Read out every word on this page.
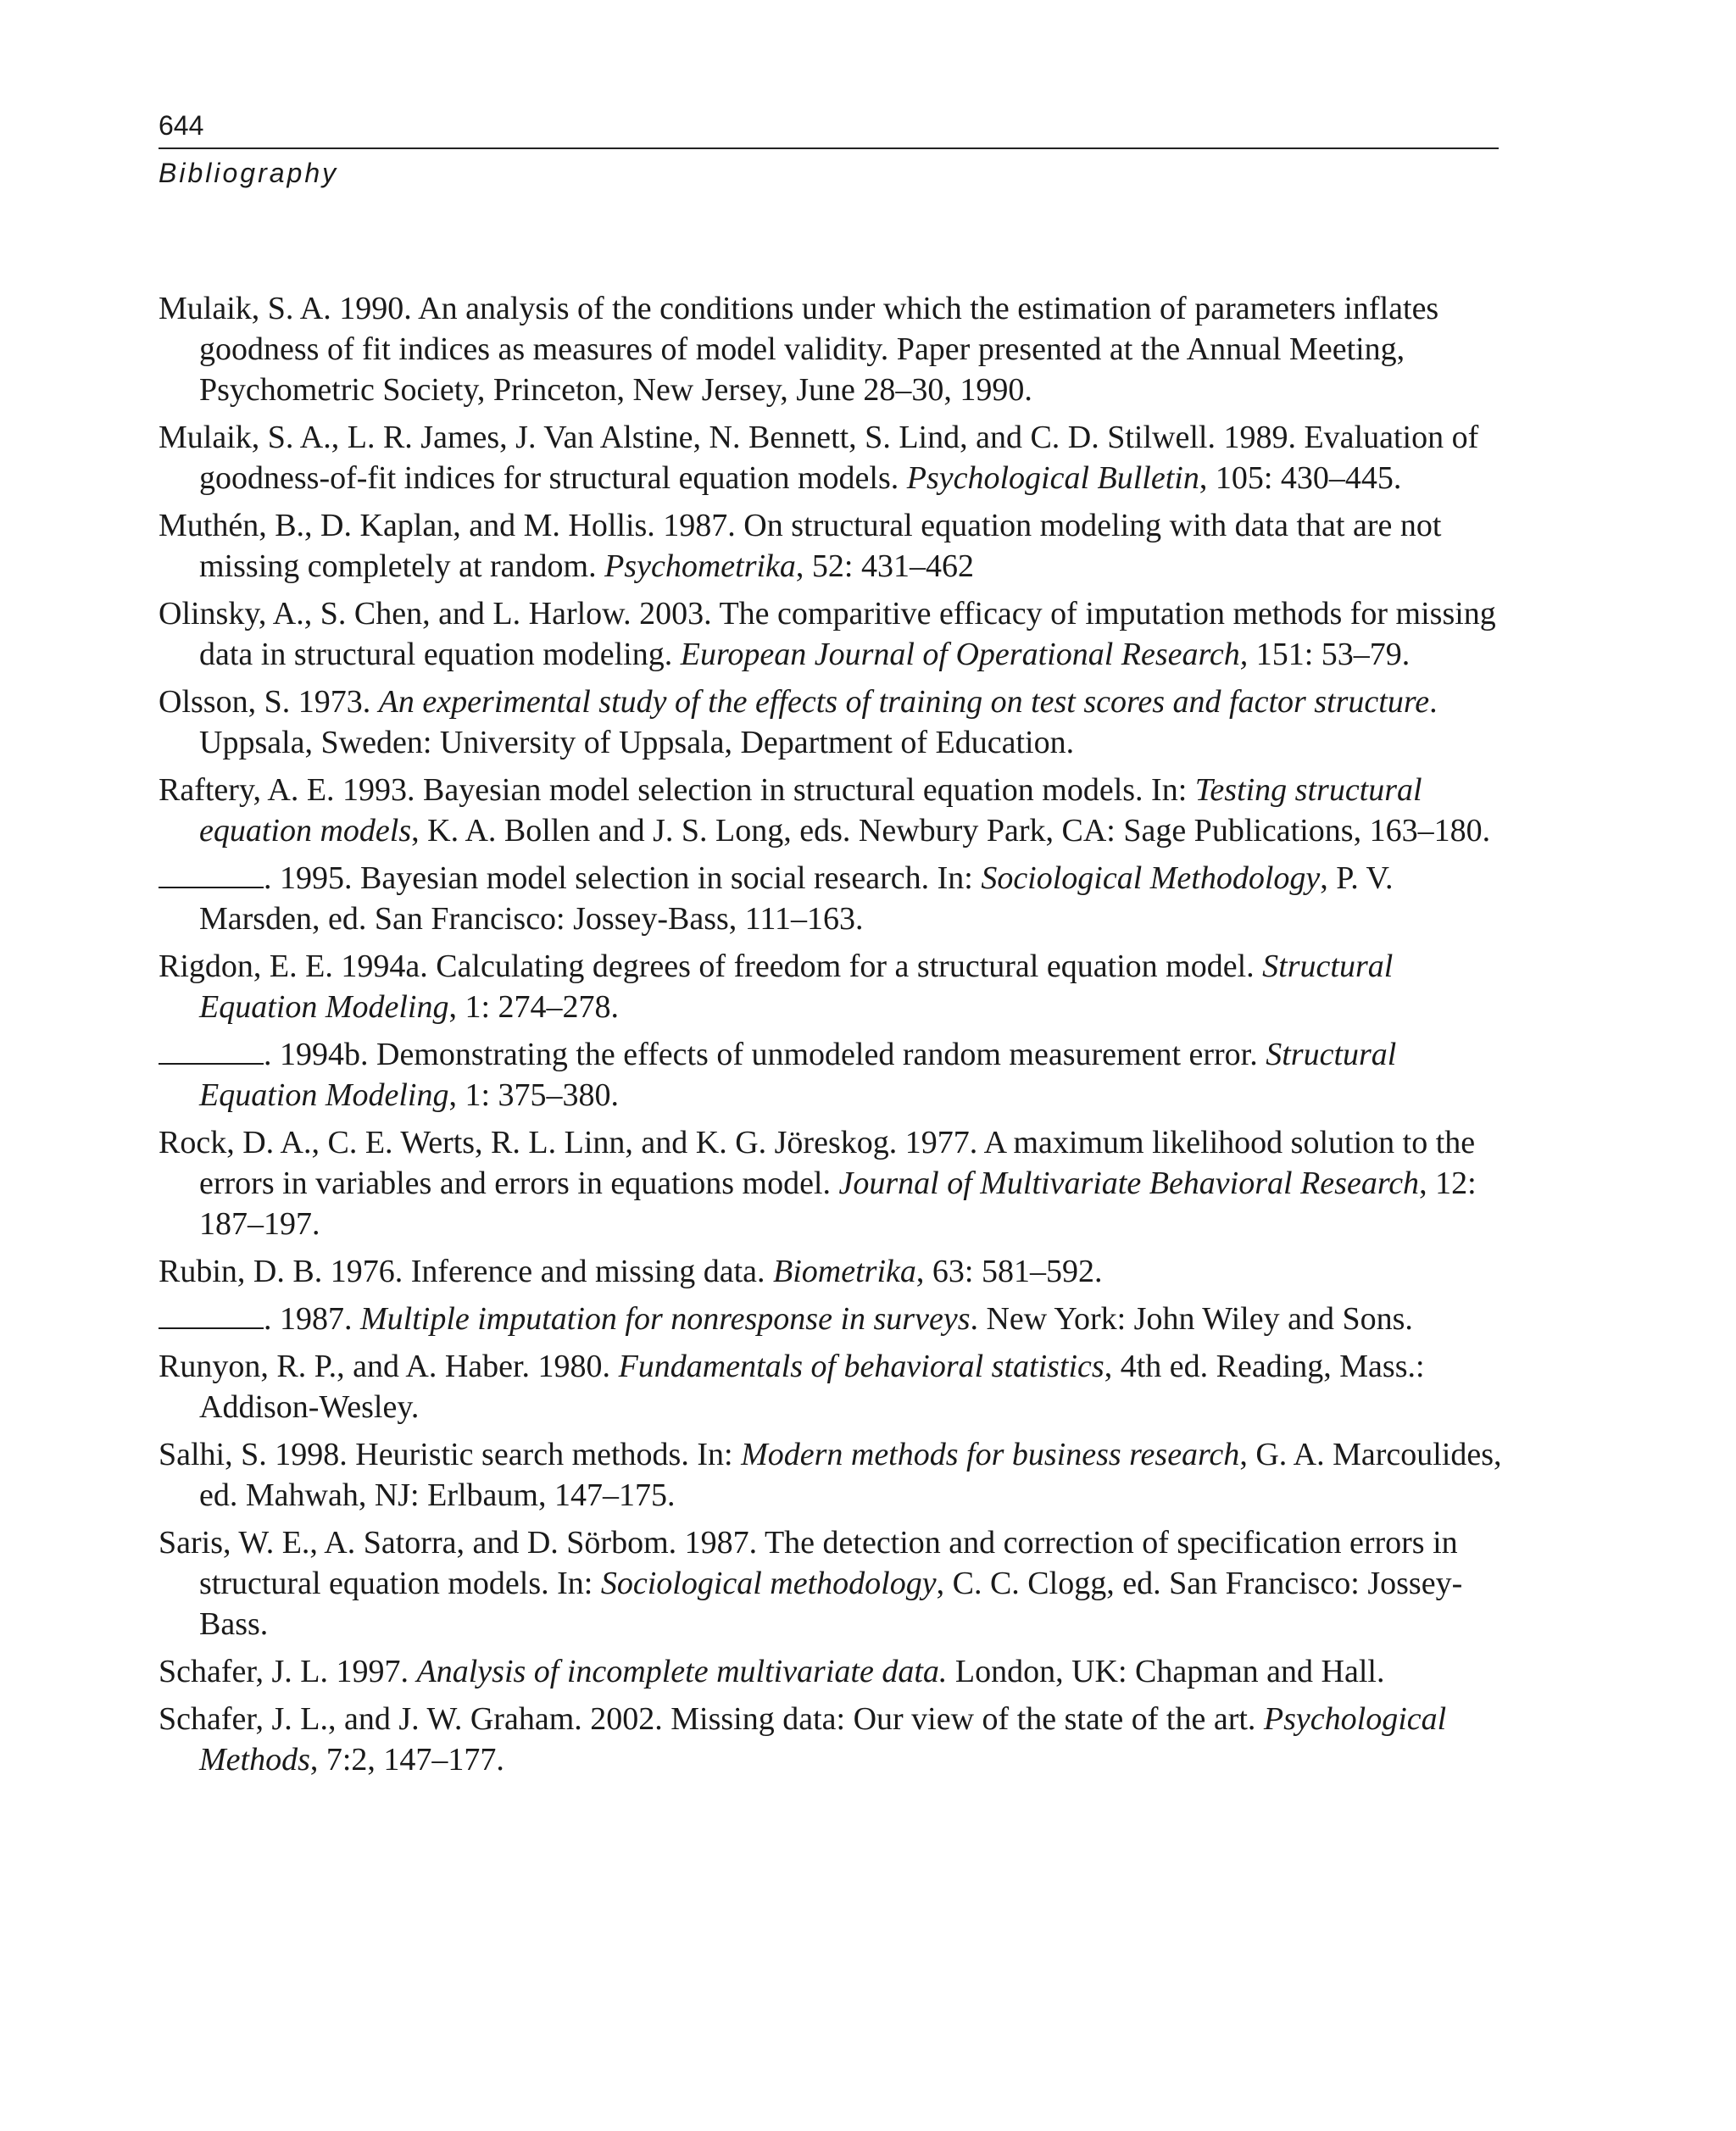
644
Bibliography
Mulaik, S. A. 1990. An analysis of the conditions under which the estimation of parameters inflates goodness of fit indices as measures of model validity. Paper presented at the Annual Meeting, Psychometric Society, Princeton, New Jersey, June 28–30, 1990.
Mulaik, S. A., L. R. James, J. Van Alstine, N. Bennett, S. Lind, and C. D. Stilwell. 1989. Evaluation of goodness-of-fit indices for structural equation models. Psychological Bulletin, 105: 430–445.
Muthén, B., D. Kaplan, and M. Hollis. 1987. On structural equation modeling with data that are not missing completely at random. Psychometrika, 52: 431–462
Olinsky, A., S. Chen, and L. Harlow. 2003. The comparitive efficacy of imputation methods for missing data in structural equation modeling. European Journal of Operational Research, 151: 53–79.
Olsson, S. 1973. An experimental study of the effects of training on test scores and factor structure. Uppsala, Sweden: University of Uppsala, Department of Education.
Raftery, A. E. 1993. Bayesian model selection in structural equation models. In: Testing structural equation models, K. A. Bollen and J. S. Long, eds. Newbury Park, CA: Sage Publications, 163–180.
. 1995. Bayesian model selection in social research. In: Sociological Methodology, P. V. Marsden, ed. San Francisco: Jossey-Bass, 111–163.
Rigdon, E. E. 1994a. Calculating degrees of freedom for a structural equation model. Structural Equation Modeling, 1: 274–278.
. 1994b. Demonstrating the effects of unmodeled random measurement error. Structural Equation Modeling, 1: 375–380.
Rock, D. A., C. E. Werts, R. L. Linn, and K. G. Jöreskog. 1977. A maximum likelihood solution to the errors in variables and errors in equations model. Journal of Multivariate Behavioral Research, 12: 187–197.
Rubin, D. B. 1976. Inference and missing data. Biometrika, 63: 581–592.
. 1987. Multiple imputation for nonresponse in surveys. New York: John Wiley and Sons.
Runyon, R. P., and A. Haber. 1980. Fundamentals of behavioral statistics, 4th ed. Reading, Mass.: Addison-Wesley.
Salhi, S. 1998. Heuristic search methods. In: Modern methods for business research, G. A. Marcoulides, ed. Mahwah, NJ: Erlbaum, 147–175.
Saris, W. E., A. Satorra, and D. Sörbom. 1987. The detection and correction of specification errors in structural equation models. In: Sociological methodology, C. C. Clogg, ed. San Francisco: Jossey-Bass.
Schafer, J. L. 1997. Analysis of incomplete multivariate data. London, UK: Chapman and Hall.
Schafer, J. L., and J. W. Graham. 2002. Missing data: Our view of the state of the art. Psychological Methods, 7:2, 147–177.
